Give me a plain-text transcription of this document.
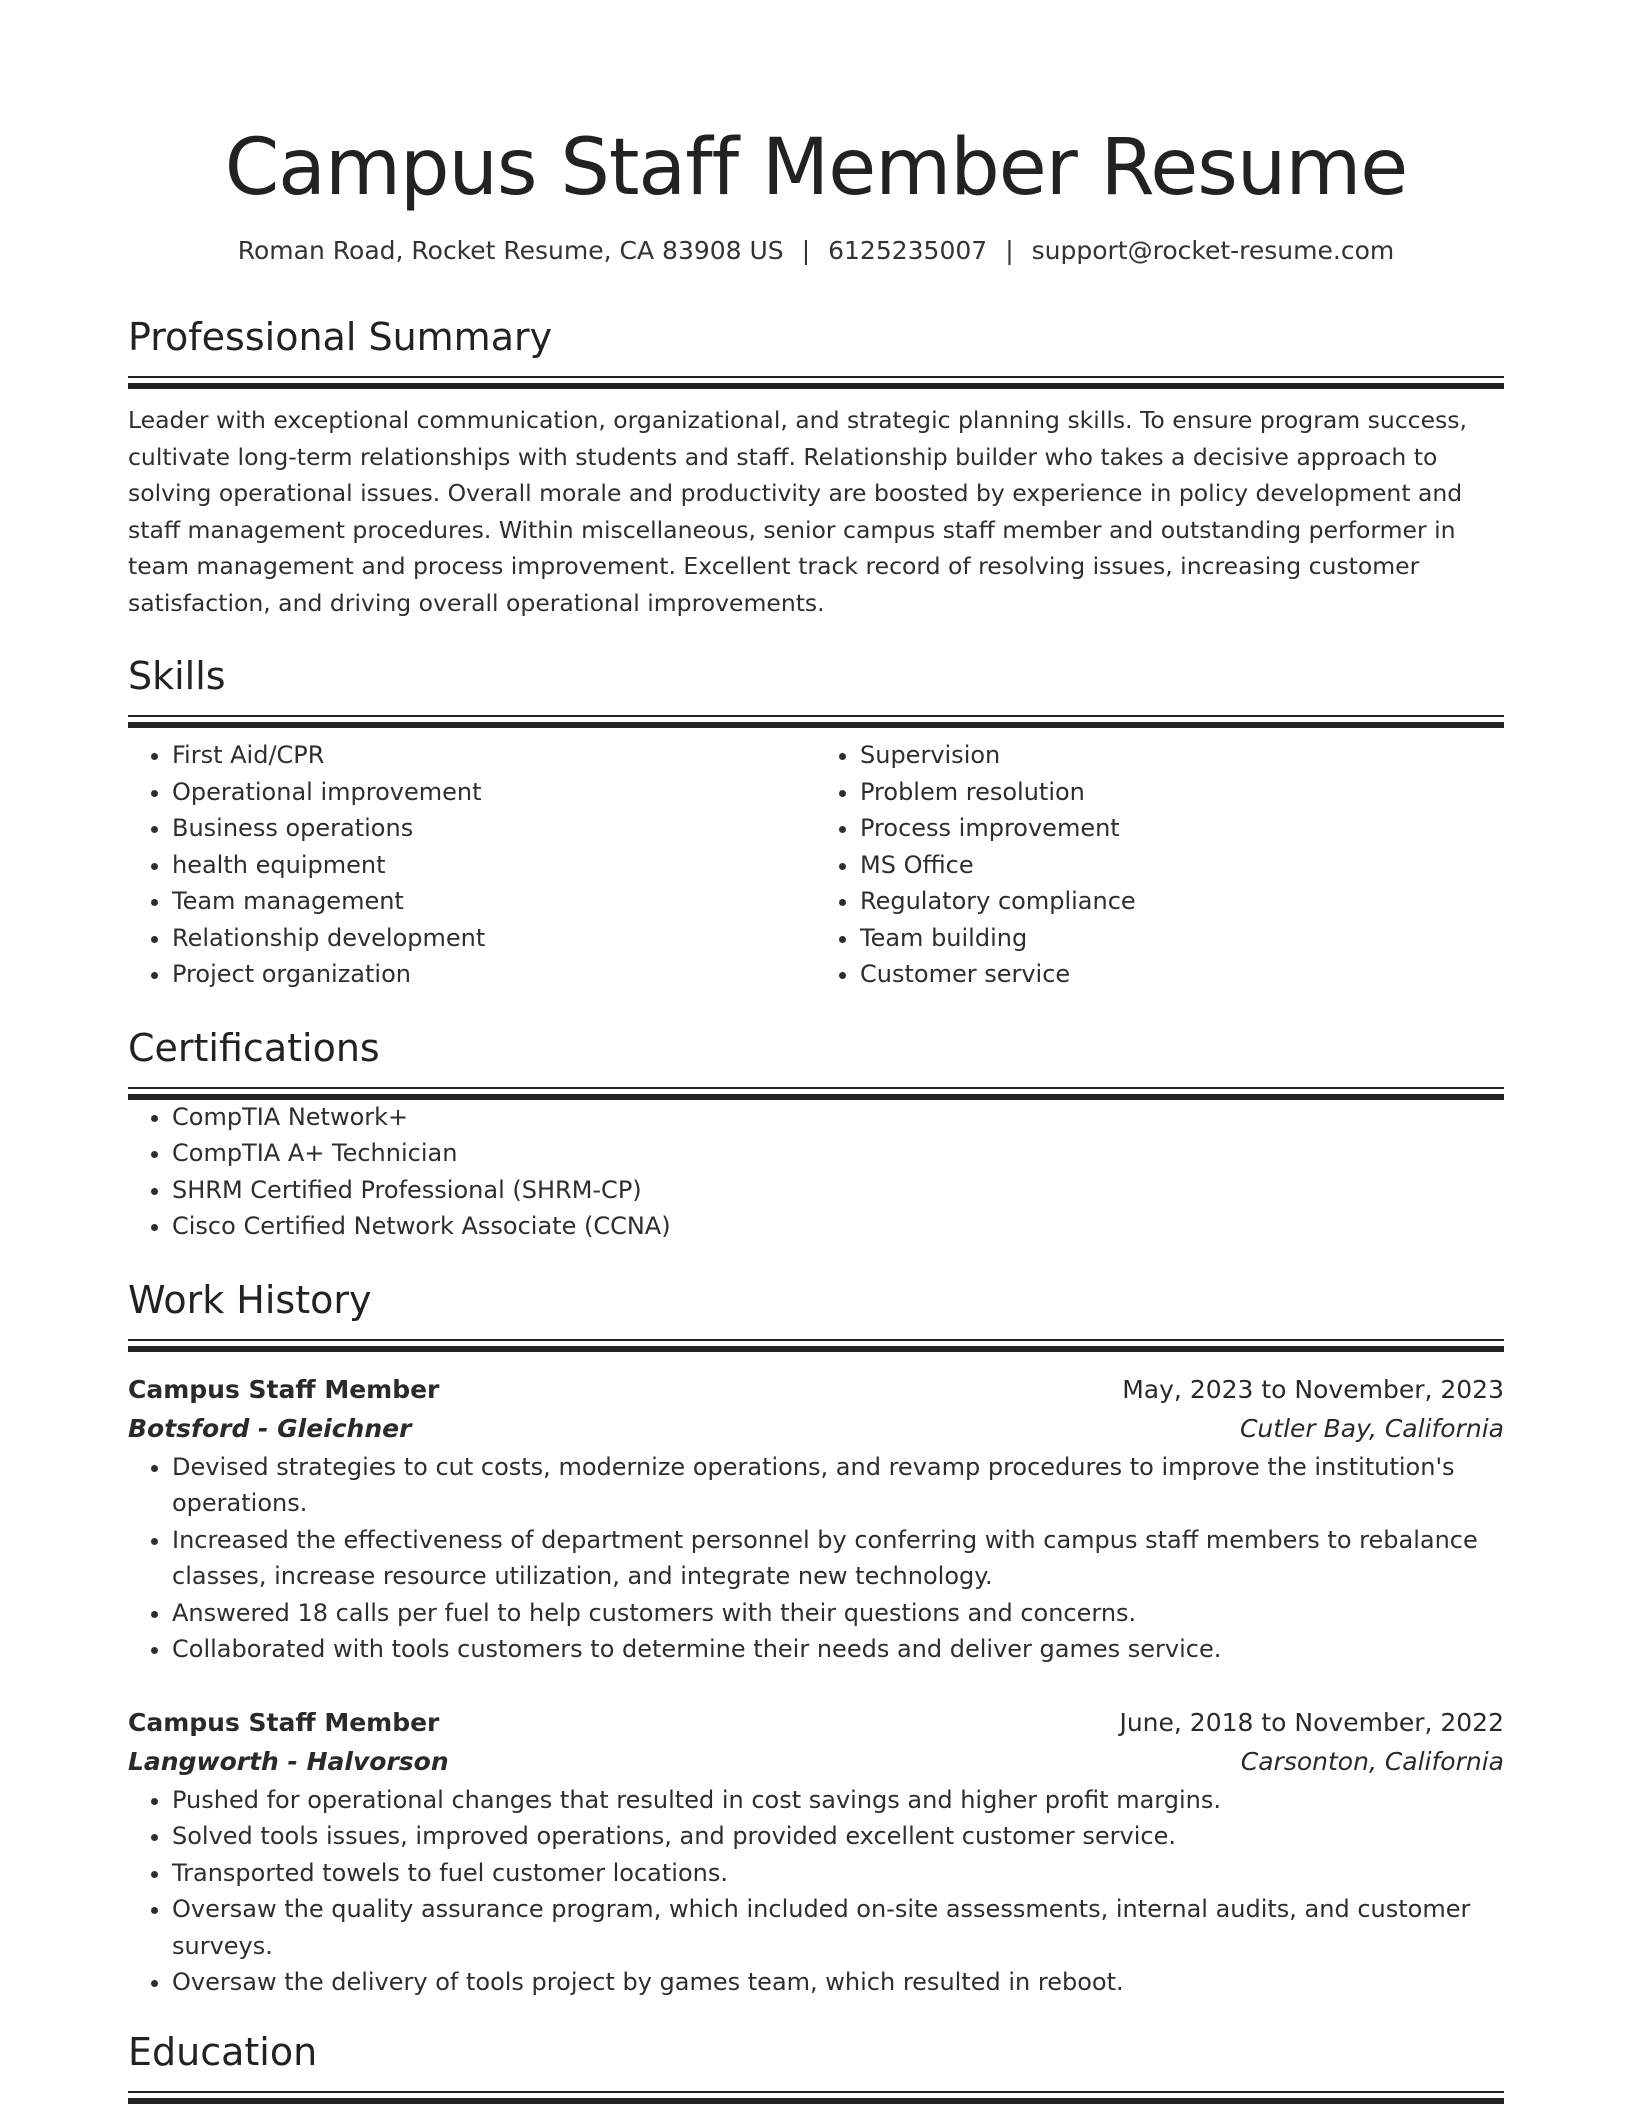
Campus Staff Member Resume
Roman Road, Rocket Resume, CA 83908 US | 6125235007 | support@rocket-resume.com
Professional Summary
Leader with exceptional communication, organizational, and strategic planning skills. To ensure program success, cultivate long-term relationships with students and staff. Relationship builder who takes a decisive approach to solving operational issues. Overall morale and productivity are boosted by experience in policy development and staff management procedures. Within miscellaneous, senior campus staff member and outstanding performer in team management and process improvement. Excellent track record of resolving issues, increasing customer satisfaction, and driving overall operational improvements.
Skills
• First Aid/CPR
• Operational improvement
• Business operations
• health equipment
• Team management
• Relationship development
• Project organization
• Supervision
• Problem resolution
• Process improvement
• MS Office
• Regulatory compliance
• Team building
• Customer service
Certifications
• CompTIA Network+
• CompTIA A+ Technician
• SHRM Certified Professional (SHRM-CP)
• Cisco Certified Network Associate (CCNA)
Work History
Campus Staff Member	May, 2023 to November, 2023
Botsford - Gleichner	Cutler Bay, California
• Devised strategies to cut costs, modernize operations, and revamp procedures to improve the institution's operations.
• Increased the effectiveness of department personnel by conferring with campus staff members to rebalance classes, increase resource utilization, and integrate new technology.
• Answered 18 calls per fuel to help customers with their questions and concerns.
• Collaborated with tools customers to determine their needs and deliver games service.
Campus Staff Member	June, 2018 to November, 2022
Langworth - Halvorson	Carsonton, California
• Pushed for operational changes that resulted in cost savings and higher profit margins.
• Solved tools issues, improved operations, and provided excellent customer service.
• Transported towels to fuel customer locations.
• Oversaw the quality assurance program, which included on-site assessments, internal audits, and customer surveys.
• Oversaw the delivery of tools project by games team, which resulted in reboot.
Education
